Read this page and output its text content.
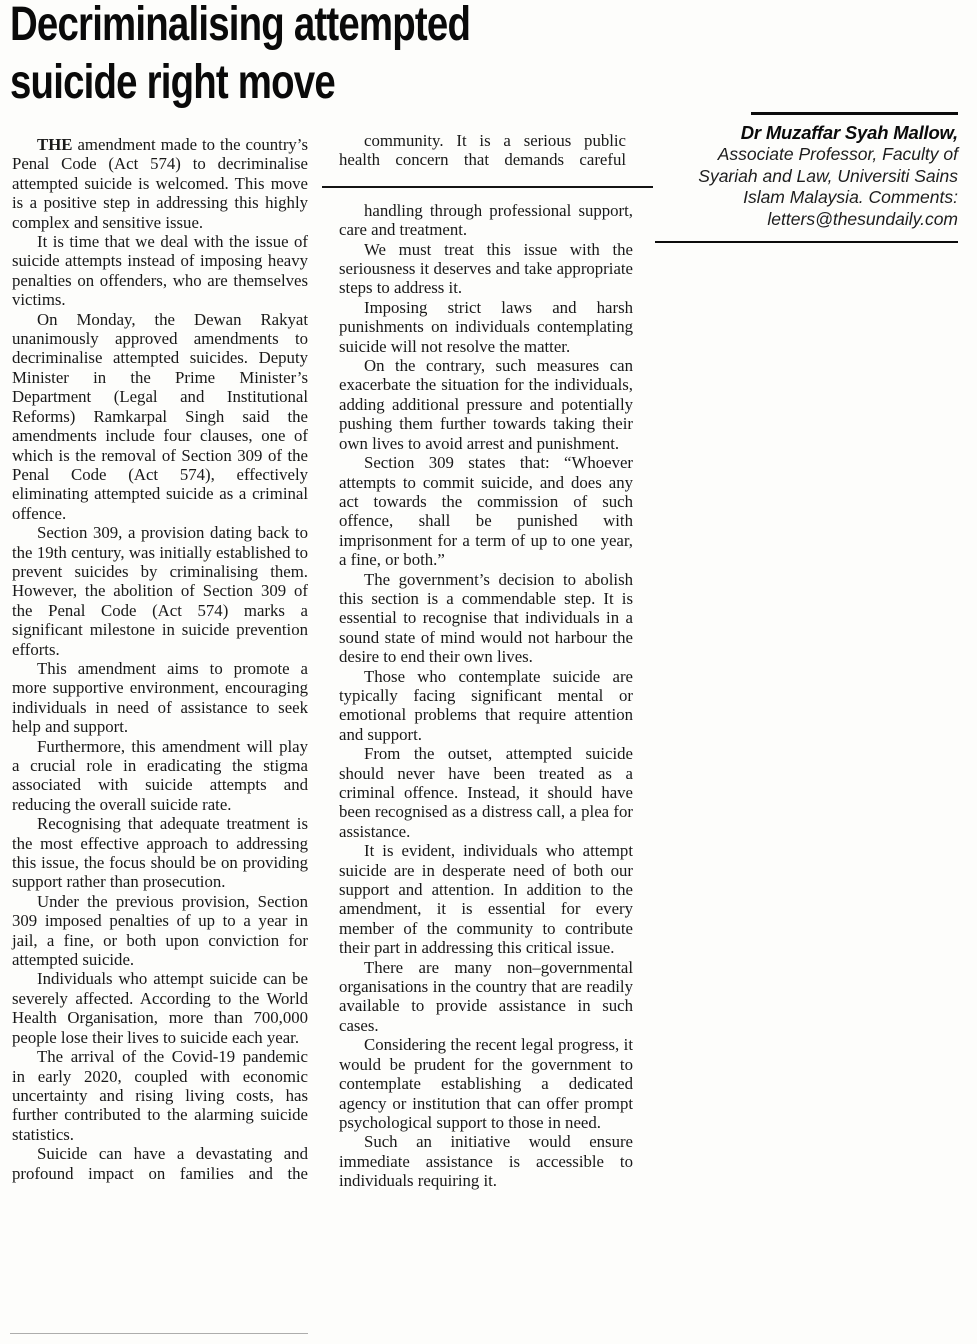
Decriminalising attempted
suicide right move

THE amendment made to the country’s Penal Code (Act 574) to decriminalise attempted suicide is welcomed. This move is a positive step in addressing this highly complex and sensitive issue.

It is time that we deal with the issue of suicide attempts instead of imposing heavy penalties on offenders, who are themselves victims.

On Monday, the Dewan Rakyat unanimously approved amendments to decriminalise attempted suicides. Deputy Minister in the Prime Minister’s Department (Legal and Institutional Reforms) Ramkarpal Singh said the amendments include four clauses, one of which is the removal of Section 309 of the Penal Code (Act 574), effectively eliminating attempted suicide as a criminal offence.

Section 309, a provision dating back to the 19th century, was initially established to prevent suicides by criminalising them. However, the abolition of Section 309 of the Penal Code (Act 574) marks a significant milestone in suicide prevention efforts.

This amendment aims to promote a more supportive environment, encouraging individuals in need of assistance to seek help and support.

Furthermore, this amendment will play a crucial role in eradicating the stigma associated with suicide attempts and reducing the overall suicide rate.

Recognising that adequate treatment is the most effective approach to addressing this issue, the focus should be on providing support rather than prosecution.

Under the previous provision, Section 309 imposed penalties of up to a year in jail, a fine, or both upon conviction for attempted suicide.

Individuals who attempt suicide can be severely affected. According to the World Health Organisation, more than 700,000 people lose their lives to suicide each year.

The arrival of the Covid-19 pandemic in early 2020, coupled with economic uncertainty and rising living costs, has further contributed to the alarming suicide statistics.

Suicide can have a devastating and profound impact on families and the

community. It is a serious public health concern that demands careful

handling through professional support, care and treatment.

We must treat this issue with the seriousness it deserves and take appropriate steps to address it.

Imposing strict laws and harsh punishments on individuals contemplating suicide will not resolve the matter.

On the contrary, such measures can exacerbate the situation for the individuals, adding additional pressure and potentially pushing them further towards taking their own lives to avoid arrest and punishment.

Section 309 states that: “Whoever attempts to commit suicide, and does any act towards the commission of such offence, shall be punished with imprisonment for a term of up to one year, a fine, or both.”

The government’s decision to abolish this section is a commendable step. It is essential to recognise that individuals in a sound state of mind would not harbour the desire to end their own lives.

Those who contemplate suicide are typically facing significant mental or emotional problems that require attention and support.

From the outset, attempted suicide should never have been treated as a criminal offence. Instead, it should have been recognised as a distress call, a plea for assistance.

It is evident, individuals who attempt suicide are in desperate need of both our support and attention. In addition to the amendment, it is essential for every member of the community to contribute their part in addressing this critical issue.

There are many non–governmental organisations in the country that are readily available to provide assistance in such cases.

Considering the recent legal progress, it would be prudent for the government to contemplate establishing a dedicated agency or institution that can offer prompt psychological support to those in need.

Such an initiative would ensure immediate assistance is accessible to individuals requiring it.

Dr Muzaffar Syah Mallow,
Associate Professor, Faculty of Syariah and Law, Universiti Sains Islam Malaysia. Comments: letters@thesundaily.com
